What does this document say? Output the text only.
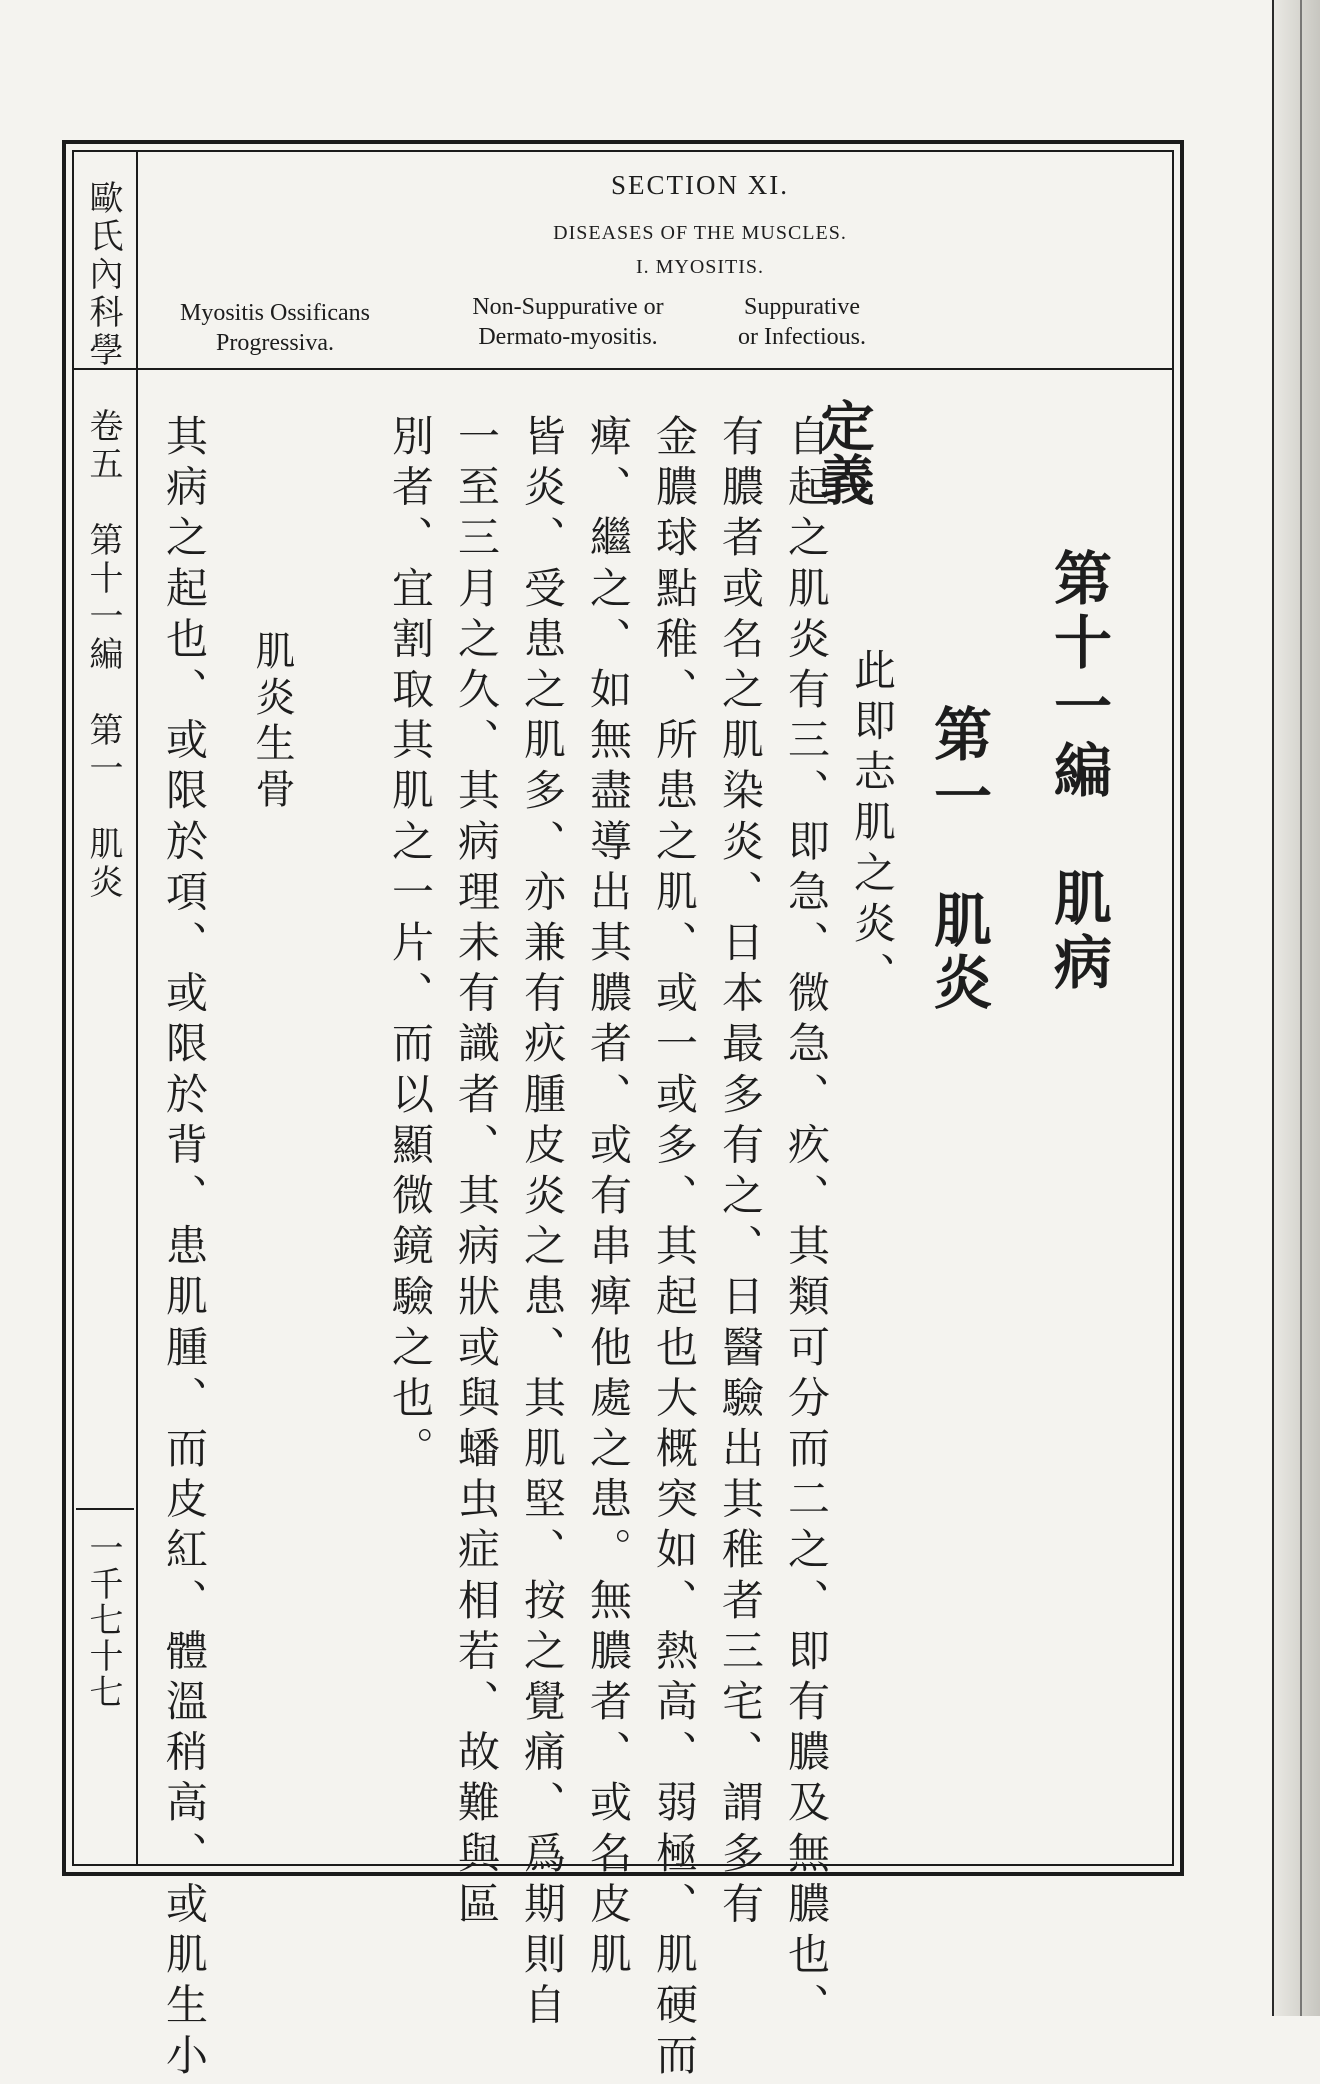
SECTION XI.
DISEASES OF THE MUSCLES.
I. MYOSITIS.
Myositis Ossificans
Progressiva.
Non-Suppurative or
Dermato-myositis.
Suppurative
or Infectious.
歐氏內科學　卷五　第十一編　第一　肌炎
一千七十七
第十一編　肌病
第一　肌炎
定義
肌炎生骨	此即志肌之炎、
自起之肌炎有三、即急、微急、疚、其類可分而二之、即有膿及無膿也、
有膿者或名之肌染炎、日本最多有之、日醫驗出其稚者三宅、謂多有
金膿球點稚、所患之肌、或一或多、其起也大概突如、熱高、弱極、肌硬而
痺、繼之、如無盡導出其膿者、或有串痺他處之患。無膿者、或名皮肌
皆炎、受患之肌多、亦兼有疢腫皮炎之患、其肌堅、按之覺痛、爲期則自
一至三月之久、其病理未有識者、其病狀或與蟠虫症相若、故難與區
別者、宜割取其肌之一片、而以顯微鏡驗之也。
其病之起也、或限於項、或限於背、患肌腫、而皮紅、體溫稍高、或肌生小
